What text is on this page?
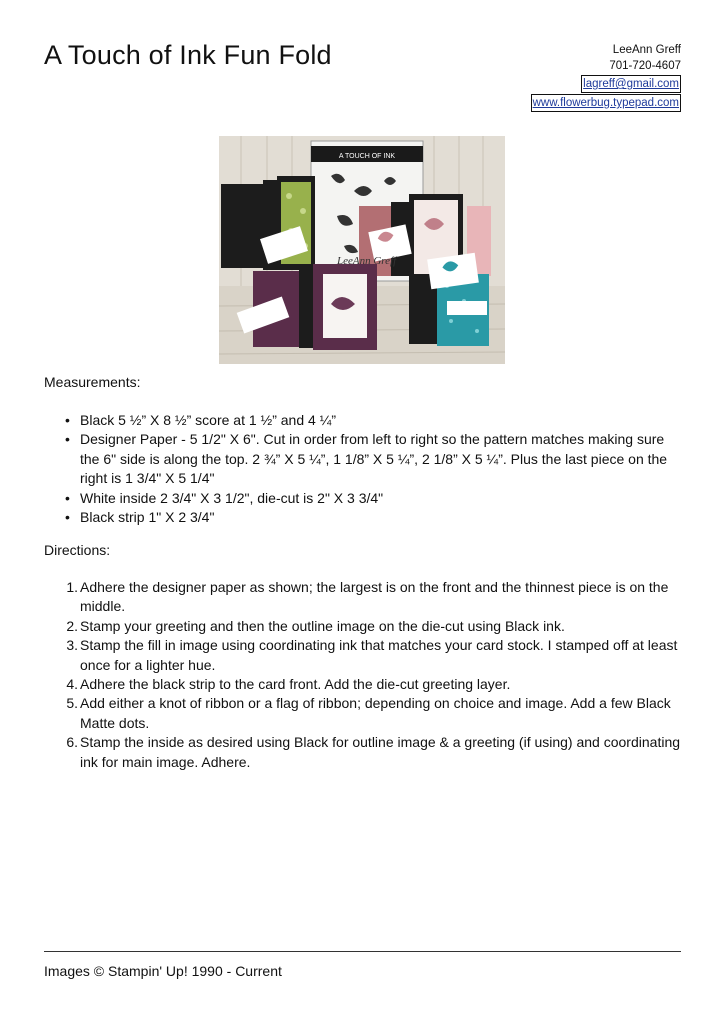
A Touch of Ink Fun Fold	LeeAnn Greff
701-720-4607
lagreff@gmail.com
www.flowerbug.typepad.com
A TOUCH OF INK
LeeAnn Greff
Measurements:
• Black 5 ½” X 8 ½” score at 1 ½” and 4 ¼”
• Designer Paper - 5 1/2" X 6". Cut in order from left to right so the pattern matches making sure the 6" side is along the top. 2 ¾” X 5 ¼”, 1 1/8” X 5 ¼”, 2 1/8” X 5 ¼”. Plus the last piece on the right is 1 3/4" X 5 1/4"
• White inside 2 3/4" X 3 1/2", die-cut is 2" X 3 3/4"
• Black strip 1" X 2 3/4"
Directions:
1. Adhere the designer paper as shown; the largest is on the front and the thinnest piece is on the middle.
2. Stamp your greeting and then the outline image on the die-cut using Black ink.
3. Stamp the fill in image using coordinating ink that matches your card stock. I stamped off at least once for a lighter hue.
4. Adhere the black strip to the card front. Add the die-cut greeting layer.
5. Add either a knot of ribbon or a flag of ribbon; depending on choice and image. Add a few Black Matte dots.
6. Stamp the inside as desired using Black for outline image & a greeting (if using) and coordinating ink for main image. Adhere.
Images © Stampin' Up! 1990 - Current
